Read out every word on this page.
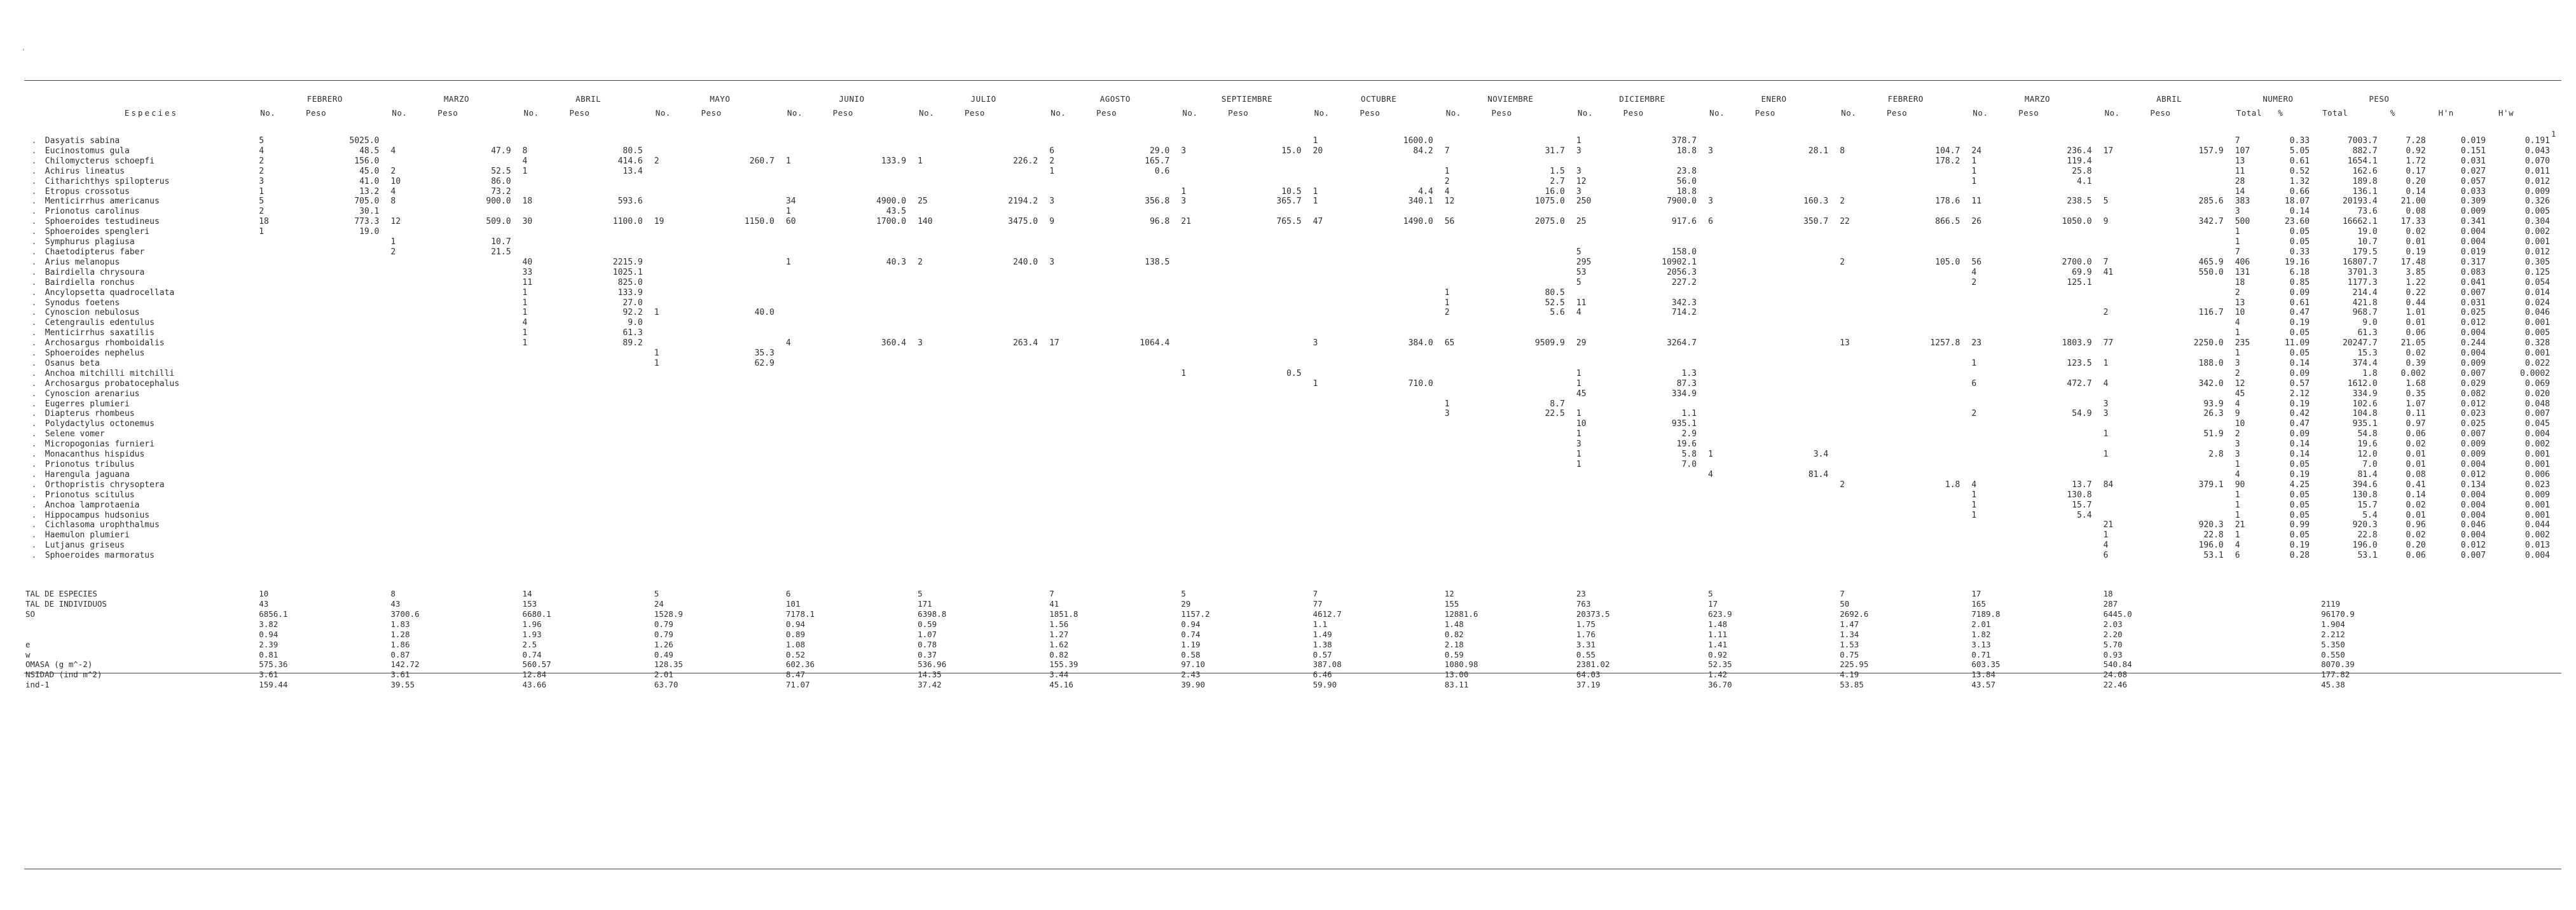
,
1
		FEBRERO		MARZO		ABRIL		MAYO		JUNIO		JULIO		AGOSTO		SEPTIEMBRE		OCTUBRE		NOVIEMBRE		DICIEMBRE		ENERO		FEBRERO		MARZO		ABRIL		NUMERO		PESO			
	Especies	No.	Peso	No.	Peso	No.	Peso	No.	Peso	No.	Peso	No.	Peso	No.	Peso	No.	Peso	No.	Peso	No.	Peso	No.	Peso	No.	Peso	No.	Peso	No.	Peso	No.	Peso	Total	%	Total	%	H'n	H'w
.	Dasyatis sabina	5	5025.0															1	1600.0			1	378.7									7	0.33	7003.7	7.28	0.019	0.191
.	Eucinostomus gula	4	48.5	4	47.9	8	80.5							6	29.0	3	15.0	20	84.2	7	31.7	3	18.8	3	28.1	8	104.7	24	236.4	17	157.9	107	5.05	882.7	0.92	0.151	0.043
.	Chilomycterus schoepfi	2	156.0			4	414.6	2	260.7	1	133.9	1	226.2	2	165.7												178.2	1	119.4			13	0.61	1654.1	1.72	0.031	0.070
.	Achirus lineatus	2	45.0	2	52.5	1	13.4							1	0.6					1	1.5	3	23.8					1	25.8			11	0.52	162.6	0.17	0.027	0.011
.	Citharichthys spilopterus	3	41.0	10	86.0															2	2.7	12	56.0					1	4.1			28	1.32	189.8	0.20	0.057	0.012
.	Etropus crossotus	1	13.2	4	73.2											1	10.5	1	4.4	4	16.0	3	18.8									14	0.66	136.1	0.14	0.033	0.009
.	Menticirrhus americanus	5	705.0	8	900.0	18	593.6			34	4900.0	25	2194.2	3	356.8	3	365.7	1	340.1	12	1075.0	250	7900.0	3	160.3	2	178.6	11	238.5	5	285.6	383	18.07	20193.4	21.00	0.309	0.326
.	Prionotus carolinus	2	30.1							1	43.5																					3	0.14	73.6	0.08	0.009	0.005
.	Sphoeroides testudineus	18	773.3	12	509.0	30	1100.0	19	1150.0	60	1700.0	140	3475.0	9	96.8	21	765.5	47	1490.0	56	2075.0	25	917.6	6	350.7	22	866.5	26	1050.0	9	342.7	500	23.60	16662.1	17.33	0.341	0.304
.	Sphoeroides spengleri	1	19.0																													1	0.05	19.0	0.02	0.004	0.002
.	Symphurus plagiusa			1	10.7																											1	0.05	10.7	0.01	0.004	0.001
.	Chaetodipterus faber			2	21.5																	5	158.0									7	0.33	179.5	0.19	0.019	0.012
.	Arius melanopus					40	2215.9			1	40.3	2	240.0	3	138.5							295	10902.1			2	105.0	56	2700.0	7	465.9	406	19.16	16807.7	17.48	0.317	0.305
.	Bairdiella chrysoura					33	1025.1															53	2056.3					4	69.9	41	550.0	131	6.18	3701.3	3.85	0.083	0.125
.	Bairdiella ronchus					11	825.0															5	227.2					2	125.1			18	0.85	1177.3	1.22	0.041	0.054
.	Ancylopsetta quadrocellata					1	133.9													1	80.5											2	0.09	214.4	0.22	0.007	0.014
.	Synodus foetens					1	27.0													1	52.5	11	342.3									13	0.61	421.8	0.44	0.031	0.024
.	Cynoscion nebulosus					1	92.2	1	40.0											2	5.6	4	714.2							2	116.7	10	0.47	968.7	1.01	0.025	0.046
.	Cetengraulis edentulus					4	9.0																									4	0.19	9.0	0.01	0.012	0.001
.	Menticirrhus saxatilis					1	61.3																									1	0.05	61.3	0.06	0.004	0.005
.	Archosargus rhomboidalis					1	89.2			4	360.4	3	263.4	17	1064.4			3	384.0	65	9509.9	29	3264.7			13	1257.8	23	1803.9	77	2250.0	235	11.09	20247.7	21.05	0.244	0.328
.	Sphoeroides nephelus							1	35.3																							1	0.05	15.3	0.02	0.004	0.001
.	Osanus beta							1	62.9																			1	123.5	1	188.0	3	0.14	374.4	0.39	0.009	0.022
.	Anchoa mitchilli mitchilli															1	0.5					1	1.3									2	0.09	1.8	0.002	0.007	0.0002
.	Archosargus probatocephalus																	1	710.0			1	87.3					6	472.7	4	342.0	12	0.57	1612.0	1.68	0.029	0.069
.	Cynoscion arenarius																					45	334.9									45	2.12	334.9	0.35	0.082	0.020
.	Eugerres plumieri																			1	8.7									3	93.9	4	0.19	102.6	1.07	0.012	0.048
.	Diapterus rhombeus																			3	22.5	1	1.1					2	54.9	3	26.3	9	0.42	104.8	0.11	0.023	0.007
.	Polydactylus octonemus																					10	935.1									10	0.47	935.1	0.97	0.025	0.045
.	Selene vomer																					1	2.9							1	51.9	2	0.09	54.8	0.06	0.007	0.004
.	Micropogonias furnieri																					3	19.6									3	0.14	19.6	0.02	0.009	0.002
.	Monacanthus hispidus																					1	5.8	1	3.4					1	2.8	3	0.14	12.0	0.01	0.009	0.001
.	Prionotus tribulus																					1	7.0									1	0.05	7.0	0.01	0.004	0.001
.	Harengula jaguana																							4	81.4							4	0.19	81.4	0.08	0.012	0.006
.	Orthopristis chrysoptera																									2	1.8	4	13.7	84	379.1	90	4.25	394.6	0.41	0.134	0.023
.	Prionotus scitulus																											1	130.8			1	0.05	130.8	0.14	0.004	0.009
.	Anchoa lamprotaenia																											1	15.7			1	0.05	15.7	0.02	0.004	0.001
.	Hippocampus hudsonius																											1	5.4			1	0.05	5.4	0.01	0.004	0.001
.	Cichlasoma urophthalmus																													21	920.3	21	0.99	920.3	0.96	0.046	0.044
.	Haemulon plumieri																													1	22.8	1	0.05	22.8	0.02	0.004	0.002
.	Lutjanus griseus																													4	196.0	4	0.19	196.0	0.20	0.012	0.013
.	Sphoeroides marmoratus																													6	53.1	6	0.28	53.1	0.06	0.007	0.004

TAL DE ESPECIES		10		8		14		5		6		5		7		5		7		12		23		5		7		17		18							
TAL DE INDIVIDUOS		43		43		153		24		101		171		41		29		77		155		763		17		50		165		287				2119			
SO		6856.1		3700.6		6680.1		1528.9		7178.1		6398.8		1851.8		1157.2		4612.7		12881.6		20373.5		623.9		2692.6		7189.8		6445.0				96170.9			
		3.82		1.83		1.96		0.79		0.94		0.59		1.56		0.94		1.1		1.48		1.75		1.48		1.47		2.01		2.03				1.904			
		0.94		1.28		1.93		0.79		0.89		1.07		1.27		0.74		1.49		0.82		1.76		1.11		1.34		1.82		2.20				2.212			
e		2.39		1.86		2.5		1.26		1.08		0.78		1.62		1.19		1.38		2.18		3.31		1.41		1.53		3.13		5.70				5.350			
w		0.81		0.87		0.74		0.49		0.52		0.37		0.82		0.58		0.57		0.59		0.55		0.92		0.75		0.71		0.93				0.550			
OMASA (g m^-2)		575.36		142.72		560.57		128.35		602.36		536.96		155.39		97.10		387.08		1080.98		2381.02		52.35		225.95		603.35		540.84				8070.39			
NSIDAD (ind m^2)		3.61		3.61		12.84		2.01		8.47		14.35		3.44		2.43		6.46		13.00		64.03		1.42		4.19		13.84		24.08				177.82			
ind-1		159.44		39.55		43.66		63.70		71.07		37.42		45.16		39.90		59.90		83.11		37.19		36.70		53.85		43.57		22.46				45.38			
